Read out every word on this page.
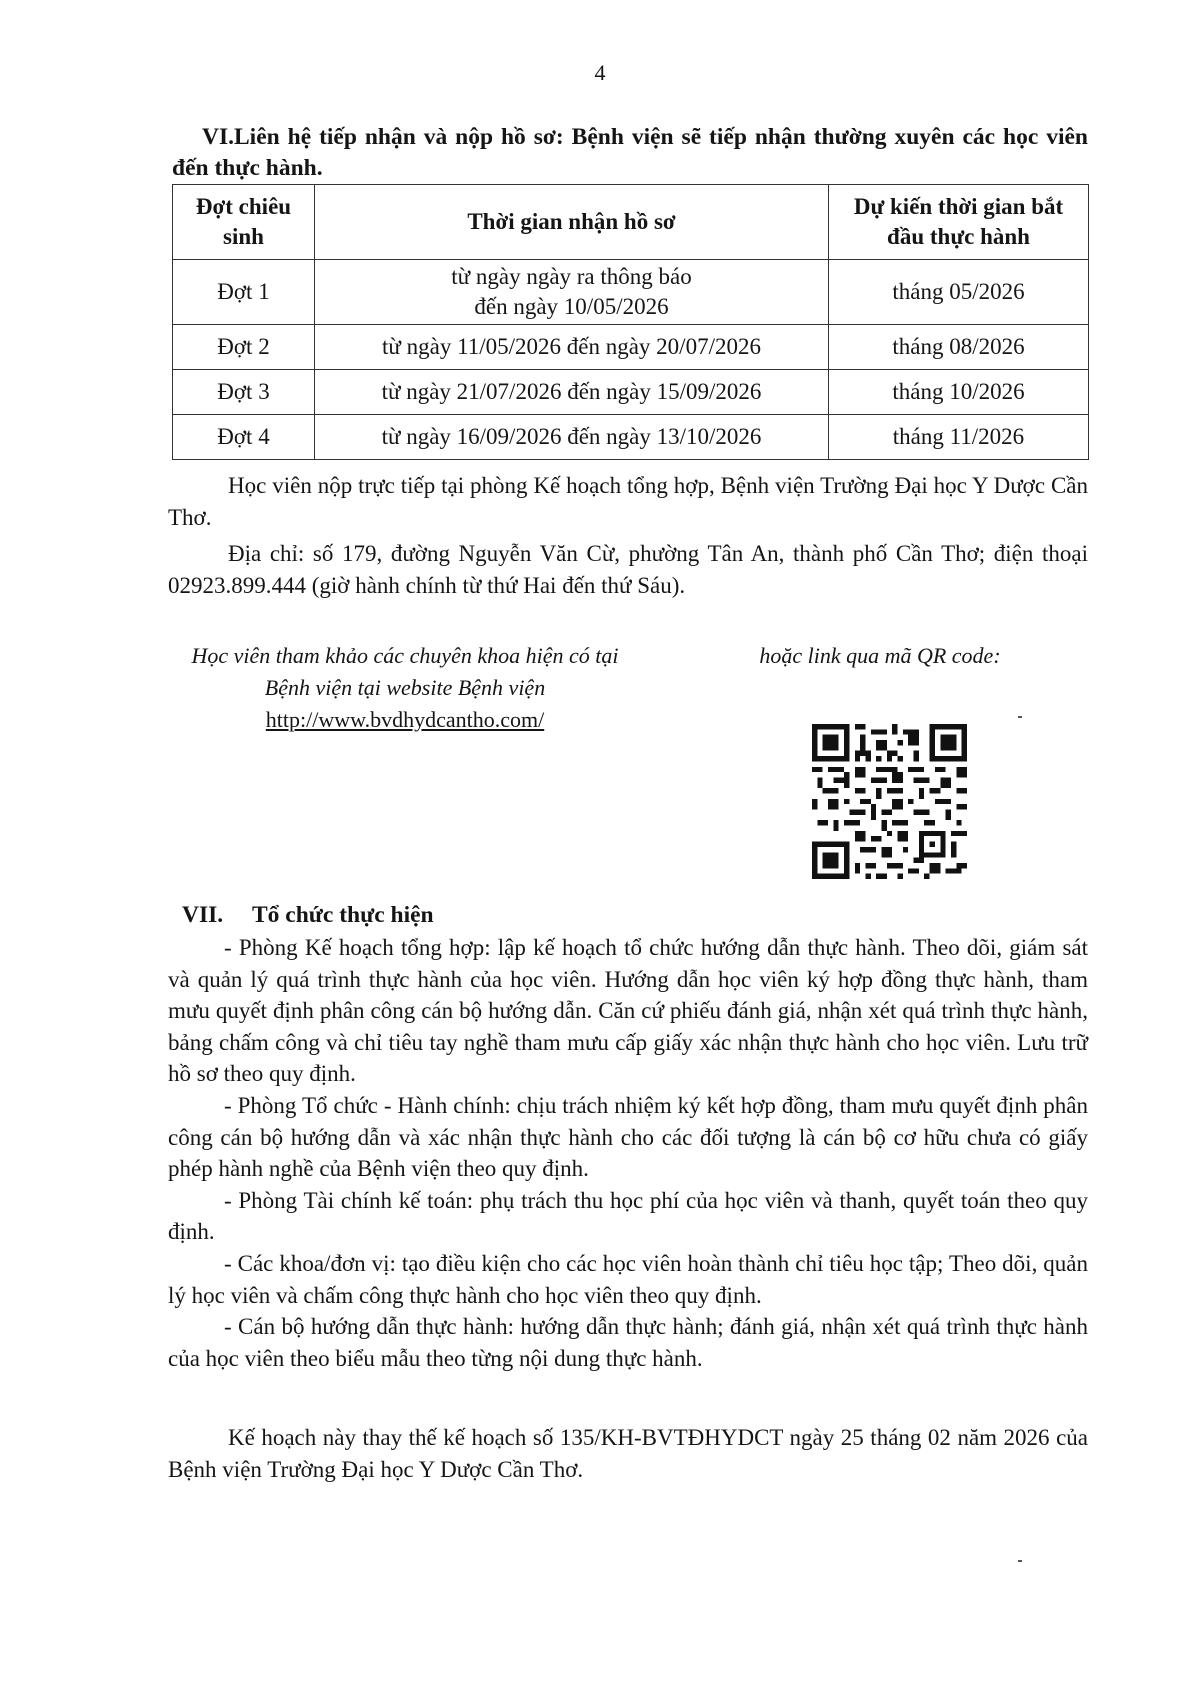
4
VI.Liên hệ tiếp nhận và nộp hồ sơ: Bệnh viện sẽ tiếp nhận thường xuyên các học viên đến thực hành.
Đợt chiêu sinh	Thời gian nhận hồ sơ	Dự kiến thời gian bắt đầu thực hành
Đợt 1	từ ngày ngày ra thông báo đến ngày 10/05/2026	tháng 05/2026
Đợt 2	từ ngày 11/05/2026 đến ngày 20/07/2026	tháng 08/2026
Đợt 3	từ ngày 21/07/2026 đến ngày 15/09/2026	tháng 10/2026
Đợt 4	từ ngày 16/09/2026 đến ngày 13/10/2026	tháng 11/2026
Học viên nộp trực tiếp tại phòng Kế hoạch tổng hợp, Bệnh viện Trường Đại học Y Dược Cần Thơ.
Địa chỉ: số 179, đường Nguyễn Văn Cừ, phường Tân An, thành phố Cần Thơ; điện thoại 02923.899.444 (giờ hành chính từ thứ Hai đến thứ Sáu).
Học viên tham khảo các chuyên khoa hiện có tại Bệnh viện tại website Bệnh viện
http://www.bvdhydcantho.com/
hoặc link qua mã QR code:
VII. Tổ chức thực hiện

- Phòng Kế hoạch tổng hợp: lập kế hoạch tổ chức hướng dẫn thực hành. Theo dõi, giám sát và quản lý quá trình thực hành của học viên. Hướng dẫn học viên ký hợp đồng thực hành, tham mưu quyết định phân công cán bộ hướng dẫn. Căn cứ phiếu đánh giá, nhận xét quá trình thực hành, bảng chấm công và chỉ tiêu tay nghề tham mưu cấp giấy xác nhận thực hành cho học viên. Lưu trữ hồ sơ theo quy định.

- Phòng Tổ chức - Hành chính: chịu trách nhiệm ký kết hợp đồng, tham mưu quyết định phân công cán bộ hướng dẫn và xác nhận thực hành cho các đối tượng là cán bộ cơ hữu chưa có giấy phép hành nghề của Bệnh viện theo quy định.

- Phòng Tài chính kế toán: phụ trách thu học phí của học viên và thanh, quyết toán theo quy định.

- Các khoa/đơn vị: tạo điều kiện cho các học viên hoàn thành chỉ tiêu học tập; Theo dõi, quản lý học viên và chấm công thực hành cho học viên theo quy định.

- Cán bộ hướng dẫn thực hành: hướng dẫn thực hành; đánh giá, nhận xét quá trình thực hành của học viên theo biểu mẫu theo từng nội dung thực hành.

Kế hoạch này thay thế kế hoạch số 135/KH-BVTĐHYDCT ngày 25 tháng 02 năm 2026 của Bệnh viện Trường Đại học Y Dược Cần Thơ.
